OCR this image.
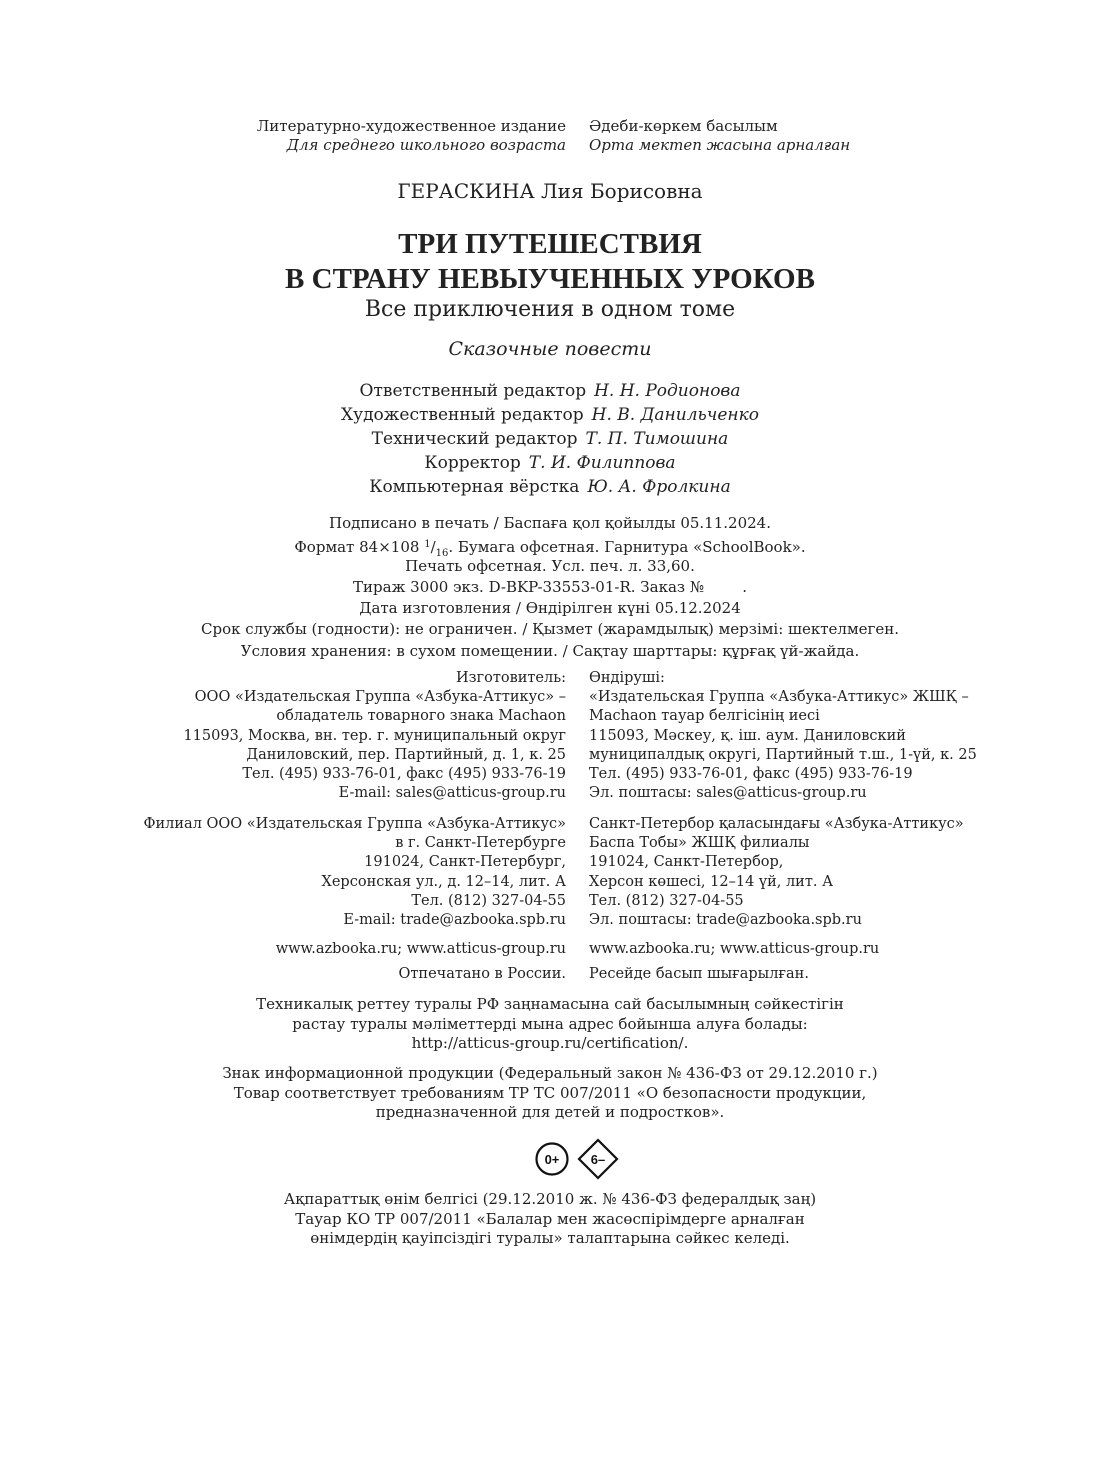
Литературно-художественное издание
Для среднего школьного возраста
Әдеби-көркем басылым
Орта мектеп жасына арналған
ГЕРАСКИНА Лия Борисовна
ТРИ ПУТЕШЕСТВИЯ
В СТРАНУ НЕВЫУЧЕННЫХ УРОКОВ
Все приключения в одном томе
Сказочные повести
Ответственный редактор Н. Н. Родионова
Художественный редактор Н. В. Данильченко
Технический редактор Т. П. Тимошина
Корректор Т. И. Филиппова
Компьютерная вёрстка Ю. А. Фролкина
Подписано в печать / Баспаға қол қойылды 05.11.2024.
Формат 84×108 $^1/_{16}$. Бумага офсетная. Гарнитура «SchoolBook».
Печать офсетная. Усл. печ. л. 33,60.
Тираж 3000 экз. D-BKP-33553-01-R. Заказ №        .
Дата изготовления / Өндірілген күні 05.12.2024
Срок службы (годности): не ограничен. / Қызмет (жарамдылық) мерзімі: шектелмеген.
Условия хранения: в сухом помещении. / Сақтау шарттары: құрғақ үй-жайда.
Изготовитель:
ООО «Издательская Группа «Азбука-Аттикус» –
обладатель товарного знака Machaon
115093, Москва, вн. тер. г. муниципальный округ
Даниловский, пер. Партийный, д. 1, к. 25
Тел. (495) 933-76-01, факс (495) 933-76-19
E-mail: sales@atticus-group.ru
Өндіруші:
«Издательская Группа «Азбука-Аттикус» ЖШҚ –
Machaon тауар белгісінің иесі
115093, Мәскеу, қ. іш. аум. Даниловский
муниципалдық округі, Партийный т.ш., 1-үй, к. 25
Тел. (495) 933-76-01, факс (495) 933-76-19
Эл. поштасы: sales@atticus-group.ru
Филиал ООО «Издательская Группа «Азбука-Аттикус»
в г. Санкт-Петербурге
191024, Санкт-Петербург,
Херсонская ул., д. 12–14, лит. А
Тел. (812) 327-04-55
E-mail: trade@azbooka.spb.ru
Санкт-Петербор қаласындағы «Азбука-Аттикус»
Баспа Тобы» ЖШҚ филиалы
191024, Санкт-Петербор,
Херсон көшесі, 12–14 үй, лит. А
Тел. (812) 327-04-55
Эл. поштасы: trade@azbooka.spb.ru
www.azbooka.ru; www.atticus-group.ru www.azbooka.ru; www.atticus-group.ru
Отпечатано в России. Ресейде басып шығарылған.
Техникалық реттеу туралы РФ заңнамасына сай басылымның сәйкестігін
растау туралы мәліметтерді мына адрес бойынша алуға болады:
http://atticus-group.ru/certification/.
Знак информационной продукции (Федеральный закон № 436-ФЗ от 29.12.2010 г.)
Товар соответствует требованиям ТР ТС 007/2011 «О безопасности продукции,
предназначенной для детей и подростков».
0+ 6–
Ақпараттық өнім белгісі (29.12.2010 ж. № 436-ФЗ федералдық заң)
Тауар КО ТР 007/2011 «Балалар мен жасөспірімдерге арналған
өнімдердің қауіпсіздігі туралы» талаптарына сәйкес келеді.
